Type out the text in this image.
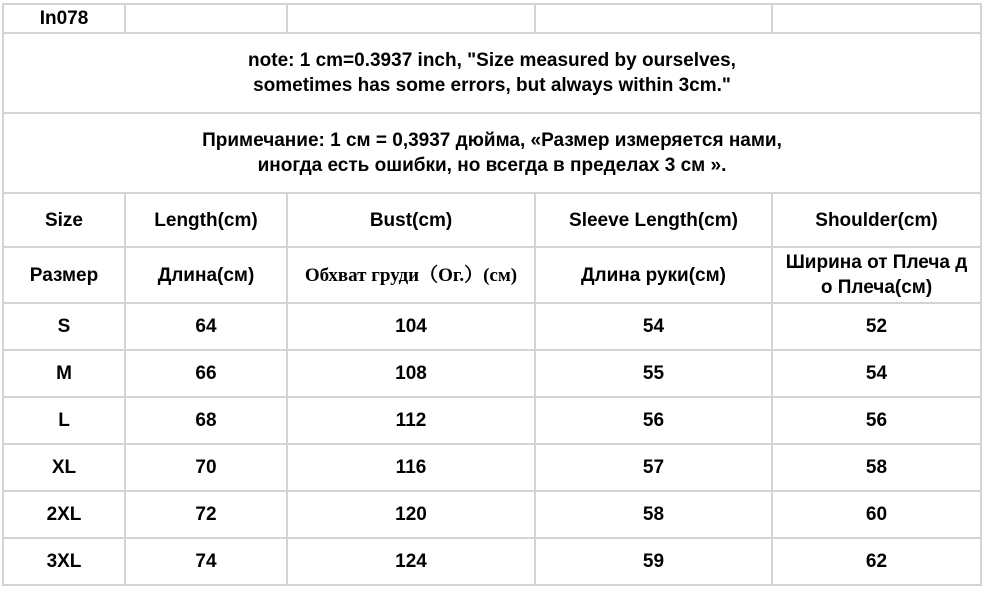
In078				

note: 1 cm=0.3937 inch, "Size measured by ourselves,
sometimes has some errors, but always within 3cm."				

Примечание: 1 см = 0,3937 дюйма, «Размер измеряется нами,
иногда есть ошибки, но всегда в пределах 3 см ».				

Size	Length(cm)	Bust(cm)	Sleeve Length(cm)	Shoulder(cm)
Размер	Длина(см)	Обхват груди（Ог.）(см)	Длина руки(см)	Ширина от Плеча д
о Плеча(см)

S	64	104	54	52
M	66	108	55	54
L	68	112	56	56
XL	70	116	57	58
2XL	72	120	58	60
3XL	74	124	59	62
